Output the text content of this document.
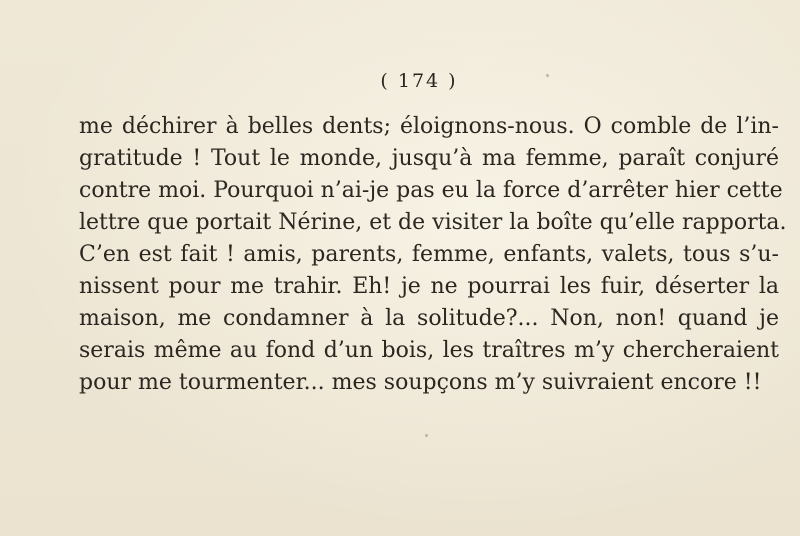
( 174 )
me déchirer à belles dents; éloignons-nous. O comble de l’in-
gratitude ! Tout le monde, jusqu’à ma femme, paraît conjuré
contre moi. Pourquoi n’ai-je pas eu la force d’arrêter hier cette
lettre que portait Nérine, et de visiter la boîte qu’elle rapporta.
C’en est fait ! amis, parents, femme, enfants, valets, tous s’u-
nissent pour me trahir. Eh! je ne pourrai les fuir, déserter la
maison, me condamner à la solitude?... Non, non! quand je
serais même au fond d’un bois, les traîtres m’y chercheraient
pour me tourmenter... mes soupçons m’y suivraient encore !!
